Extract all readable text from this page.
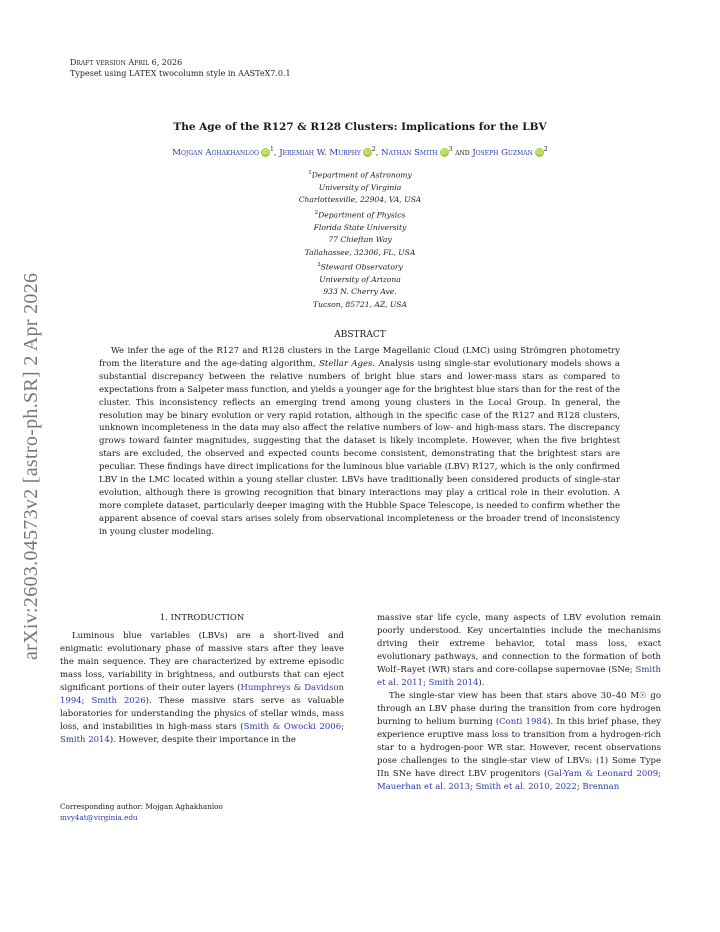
Draft version April 6, 2026
Typeset using LATEX twocolumn style in AASTeX7.0.1
arXiv:2603.04573v2 [astro-ph.SR] 2 Apr 2026
The Age of the R127 & R128 Clusters: Implications for the LBV
Mojgan Aghakhanloo $iD^1$, Jeremiah W. Murphy $iD^2$, Nathan Smith $iD^3$ and Joseph Guzman $iD^2$
$^1$Department of Astronomy
University of Virginia
Charlottesville, 22904, VA, USA
$^2$Department of Physics
Florida State University
77 Chieftan Way
Tallahassee, 32306, FL, USA
$^3$Steward Observatory
University of Arizona
933 N. Cherry Ave.
Tucson, 85721, AZ, USA
ABSTRACT
We infer the age of the R127 and R128 clusters in the Large Magellanic Cloud (LMC) using Strömgren photometry from the literature and the age-dating algorithm, Stellar Ages. Analysis using single-star evolutionary models shows a substantial discrepancy between the relative numbers of bright blue stars and lower-mass stars as compared to expectations from a Salpeter mass function, and yields a younger age for the brightest blue stars than for the rest of the cluster. This inconsistency reflects an emerging trend among young clusters in the Local Group. In general, the resolution may be binary evolution or very rapid rotation, although in the specific case of the R127 and R128 clusters, unknown incompleteness in the data may also affect the relative numbers of low- and high-mass stars. The discrepancy grows toward fainter magnitudes, suggesting that the dataset is likely incomplete. However, when the five brightest stars are excluded, the observed and expected counts become consistent, demonstrating that the brightest stars are peculiar. These findings have direct implications for the luminous blue variable (LBV) R127, which is the only confirmed LBV in the LMC located within a young stellar cluster. LBVs have traditionally been considered products of single-star evolution, although there is growing recognition that binary interactions may play a critical role in their evolution. A more complete dataset, particularly deeper imaging with the Hubble Space Telescope, is needed to confirm whether the apparent absence of coeval stars arises solely from observational incompleteness or the broader trend of inconsistency in young cluster modeling.
1. INTRODUCTION
Luminous blue variables (LBVs) are a short-lived and enigmatic evolutionary phase of massive stars after they leave the main sequence. They are characterized by extreme episodic mass loss, variability in brightness, and outbursts that can eject significant portions of their outer layers (Humphreys & Davidson 1994; Smith 2026). These massive stars serve as valuable laboratories for understanding the physics of stellar winds, mass loss, and instabilities in high-mass stars (Smith & Owocki 2006; Smith 2014). However, despite their importance in the
massive star life cycle, many aspects of LBV evolution remain poorly understood. Key uncertainties include the mechanisms driving their extreme behavior, total mass loss, exact evolutionary pathways, and connection to the formation of both Wolf–Rayet (WR) stars and core-collapse supernovae (SNe; Smith et al. 2011; Smith 2014).
The single-star view has been that stars above 30–40 M☉ go through an LBV phase during the transition from core hydrogen burning to helium burning (Conti 1984). In this brief phase, they experience eruptive mass loss to transition from a hydrogen-rich star to a hydrogen-poor WR star. However, recent observations pose challenges to the single-star view of LBVs: (1) Some Type IIn SNe have direct LBV progenitors (Gal-Yam & Leonard 2009; Mauerhan et al. 2013; Smith et al. 2010, 2022; Brennan
Corresponding author: Mojgan Aghakhanloo
mvy4at@virginia.edu
